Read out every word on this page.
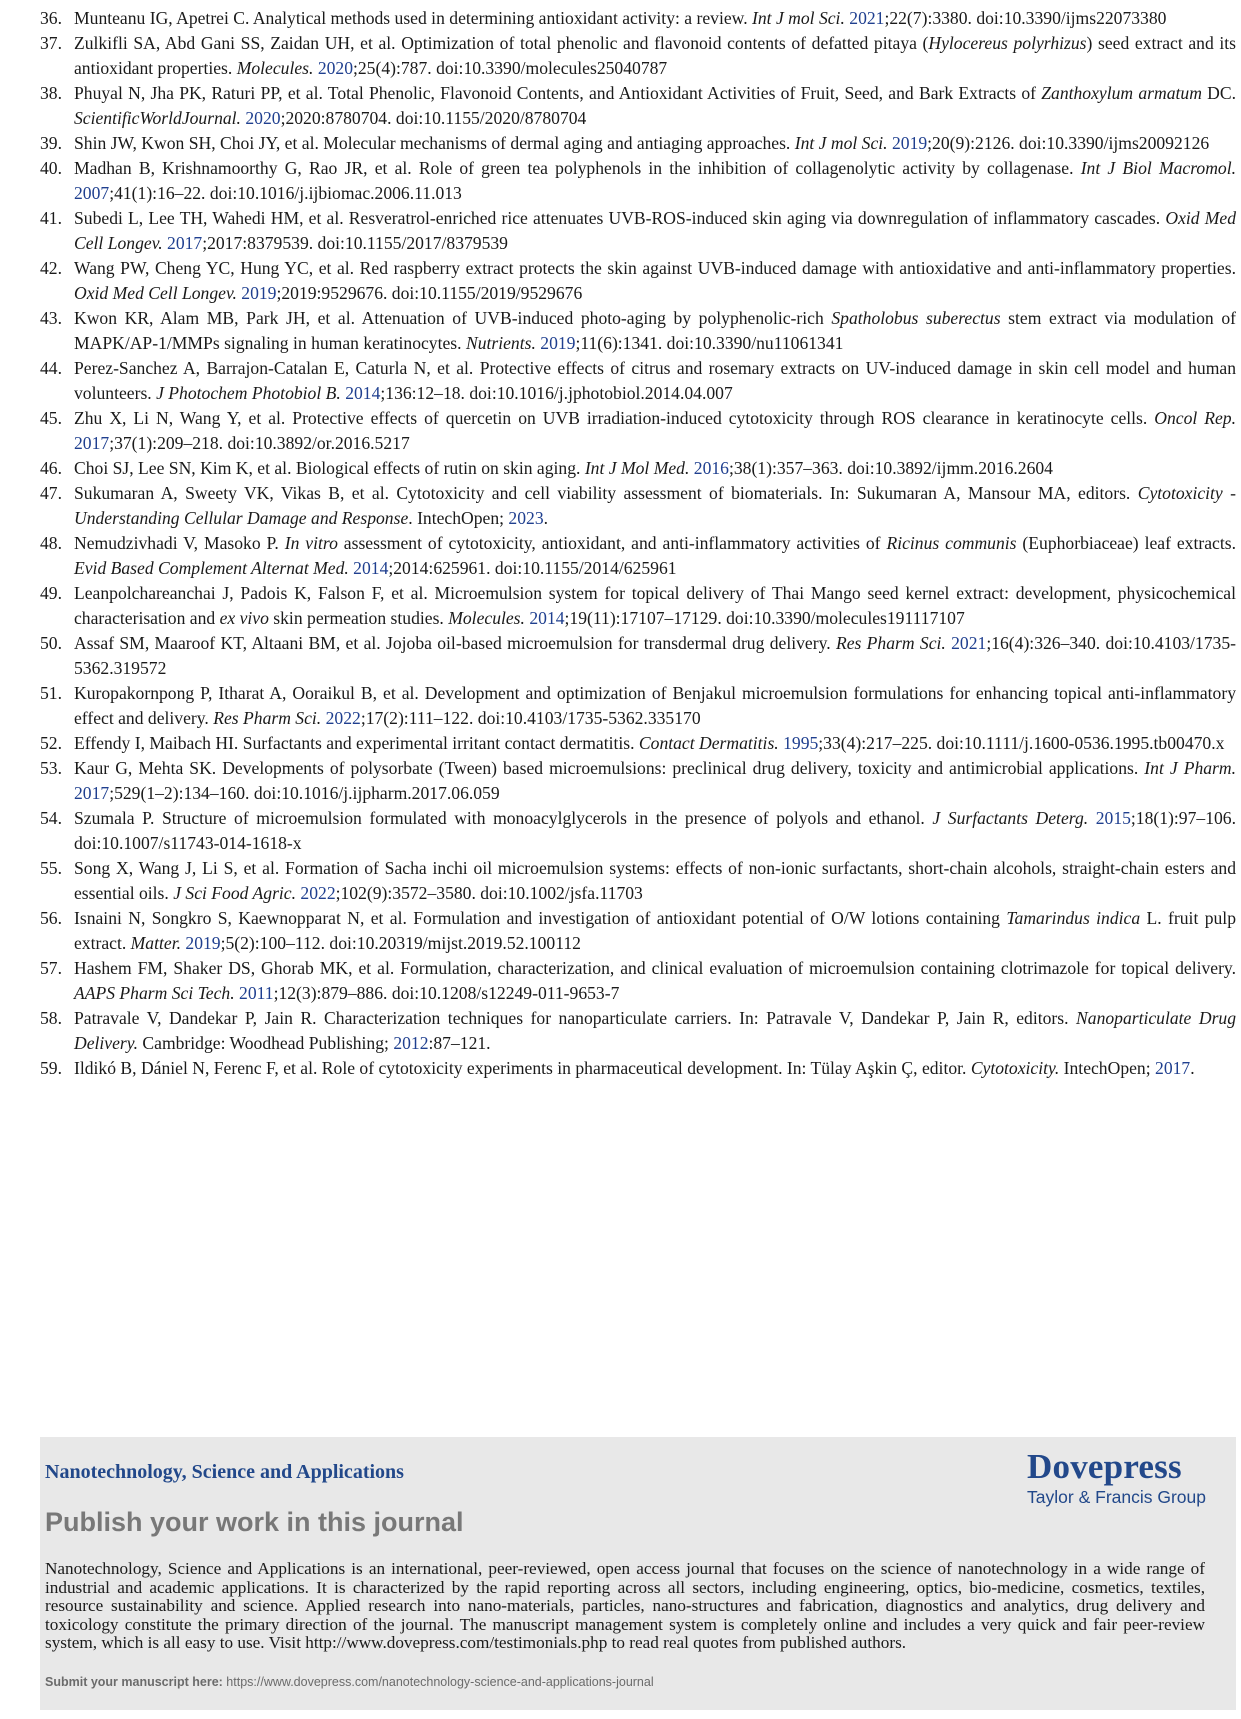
36. Munteanu IG, Apetrei C. Analytical methods used in determining antioxidant activity: a review. Int J mol Sci. 2021;22(7):3380. doi:10.3390/ijms22073380
37. Zulkifli SA, Abd Gani SS, Zaidan UH, et al. Optimization of total phenolic and flavonoid contents of defatted pitaya (Hylocereus polyrhizus) seed extract and its antioxidant properties. Molecules. 2020;25(4):787. doi:10.3390/molecules25040787
38. Phuyal N, Jha PK, Raturi PP, et al. Total Phenolic, Flavonoid Contents, and Antioxidant Activities of Fruit, Seed, and Bark Extracts of Zanthoxylum armatum DC. ScientificWorldJournal. 2020;2020:8780704. doi:10.1155/2020/8780704
39. Shin JW, Kwon SH, Choi JY, et al. Molecular mechanisms of dermal aging and antiaging approaches. Int J mol Sci. 2019;20(9):2126. doi:10.3390/ijms20092126
40. Madhan B, Krishnamoorthy G, Rao JR, et al. Role of green tea polyphenols in the inhibition of collagenolytic activity by collagenase. Int J Biol Macromol. 2007;41(1):16–22. doi:10.1016/j.ijbiomac.2006.11.013
41. Subedi L, Lee TH, Wahedi HM, et al. Resveratrol-enriched rice attenuates UVB-ROS-induced skin aging via downregulation of inflammatory cascades. Oxid Med Cell Longev. 2017;2017:8379539. doi:10.1155/2017/8379539
42. Wang PW, Cheng YC, Hung YC, et al. Red raspberry extract protects the skin against UVB-induced damage with antioxidative and anti-inflammatory properties. Oxid Med Cell Longev. 2019;2019:9529676. doi:10.1155/2019/9529676
43. Kwon KR, Alam MB, Park JH, et al. Attenuation of UVB-induced photo-aging by polyphenolic-rich Spatholobus suberectus stem extract via modulation of MAPK/AP-1/MMPs signaling in human keratinocytes. Nutrients. 2019;11(6):1341. doi:10.3390/nu11061341
44. Perez-Sanchez A, Barrajon-Catalan E, Caturla N, et al. Protective effects of citrus and rosemary extracts on UV-induced damage in skin cell model and human volunteers. J Photochem Photobiol B. 2014;136:12–18. doi:10.1016/j.jphotobiol.2014.04.007
45. Zhu X, Li N, Wang Y, et al. Protective effects of quercetin on UVB irradiation-induced cytotoxicity through ROS clearance in keratinocyte cells. Oncol Rep. 2017;37(1):209–218. doi:10.3892/or.2016.5217
46. Choi SJ, Lee SN, Kim K, et al. Biological effects of rutin on skin aging. Int J Mol Med. 2016;38(1):357–363. doi:10.3892/ijmm.2016.2604
47. Sukumaran A, Sweety VK, Vikas B, et al. Cytotoxicity and cell viability assessment of biomaterials. In: Sukumaran A, Mansour MA, editors. Cytotoxicity - Understanding Cellular Damage and Response. IntechOpen; 2023.
48. Nemudzivhadi V, Masoko P. In vitro assessment of cytotoxicity, antioxidant, and anti-inflammatory activities of Ricinus communis (Euphorbiaceae) leaf extracts. Evid Based Complement Alternat Med. 2014;2014:625961. doi:10.1155/2014/625961
49. Leanpolchareanchai J, Padois K, Falson F, et al. Microemulsion system for topical delivery of Thai Mango seed kernel extract: development, physicochemical characterisation and ex vivo skin permeation studies. Molecules. 2014;19(11):17107–17129. doi:10.3390/molecules191117107
50. Assaf SM, Maaroof KT, Altaani BM, et al. Jojoba oil-based microemulsion for transdermal drug delivery. Res Pharm Sci. 2021;16(4):326–340. doi:10.4103/1735-5362.319572
51. Kuropakornpong P, Itharat A, Ooraikul B, et al. Development and optimization of Benjakul microemulsion formulations for enhancing topical anti-inflammatory effect and delivery. Res Pharm Sci. 2022;17(2):111–122. doi:10.4103/1735-5362.335170
52. Effendy I, Maibach HI. Surfactants and experimental irritant contact dermatitis. Contact Dermatitis. 1995;33(4):217–225. doi:10.1111/j.1600-0536.1995.tb00470.x
53. Kaur G, Mehta SK. Developments of polysorbate (Tween) based microemulsions: preclinical drug delivery, toxicity and antimicrobial applications. Int J Pharm. 2017;529(1–2):134–160. doi:10.1016/j.ijpharm.2017.06.059
54. Szumala P. Structure of microemulsion formulated with monoacylglycerols in the presence of polyols and ethanol. J Surfactants Deterg. 2015;18(1):97–106. doi:10.1007/s11743-014-1618-x
55. Song X, Wang J, Li S, et al. Formation of Sacha inchi oil microemulsion systems: effects of non-ionic surfactants, short-chain alcohols, straight-chain esters and essential oils. J Sci Food Agric. 2022;102(9):3572–3580. doi:10.1002/jsfa.11703
56. Isnaini N, Songkro S, Kaewnopparat N, et al. Formulation and investigation of antioxidant potential of O/W lotions containing Tamarindus indica L. fruit pulp extract. Matter. 2019;5(2):100–112. doi:10.20319/mijst.2019.52.100112
57. Hashem FM, Shaker DS, Ghorab MK, et al. Formulation, characterization, and clinical evaluation of microemulsion containing clotrimazole for topical delivery. AAPS Pharm Sci Tech. 2011;12(3):879–886. doi:10.1208/s12249-011-9653-7
58. Patravale V, Dandekar P, Jain R. Characterization techniques for nanoparticulate carriers. In: Patravale V, Dandekar P, Jain R, editors. Nanoparticulate Drug Delivery. Cambridge: Woodhead Publishing; 2012:87–121.
59. Ildikó B, Dániel N, Ferenc F, et al. Role of cytotoxicity experiments in pharmaceutical development. In: Tülay Aşkin Ç, editor. Cytotoxicity. IntechOpen; 2017.
Nanotechnology, Science and Applications	Dovepress
Taylor & Francis Group
Publish your work in this journal
Nanotechnology, Science and Applications is an international, peer-reviewed, open access journal that focuses on the science of nanotechnology in a wide range of industrial and academic applications. It is characterized by the rapid reporting across all sectors, including engineering, optics, bio-medicine, cosmetics, textiles, resource sustainability and science. Applied research into nano-materials, particles, nano-structures and fabrication, diagnostics and analytics, drug delivery and toxicology constitute the primary direction of the journal. The manuscript management system is completely online and includes a very quick and fair peer-review system, which is all easy to use. Visit http://www.dovepress.com/testimonials.php to read real quotes from published authors.
Submit your manuscript here: https://www.dovepress.com/nanotechnology-science-and-applications-journal
